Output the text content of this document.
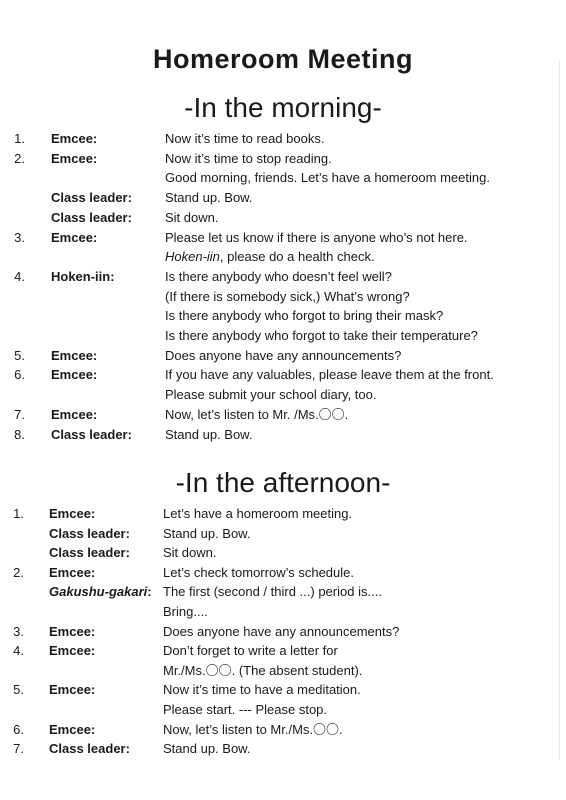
Homeroom Meeting
-In the morning-
1. Emcee:	Now it’s time to read books.
2. Emcee:	Now it’s time to stop reading.
Good morning, friends. Let’s have a homeroom meeting.
Class leader:	Stand up. Bow.
Class leader:	Sit down.
3. Emcee:	Please let us know if there is anyone who’s not here.
Hoken-iin, please do a health check.
4. Hoken-iin:	Is there anybody who doesn’t feel well?
(If there is somebody sick,) What’s wrong?
Is there anybody who forgot to bring their mask?
Is there anybody who forgot to take their temperature?
5. Emcee:	Does anyone have any announcements?
6. Emcee:	If you have any valuables, please leave them at the front.
Please submit your school diary, too.
7. Emcee:	Now, let’s listen to Mr. /Ms.〇〇.
8. Class leader:	Stand up. Bow.
-In the afternoon-
1. Emcee:	Let’s have a homeroom meeting.
Class leader:	Stand up. Bow.
Class leader:	Sit down.
2. Emcee:	Let’s check tomorrow’s schedule.
Gakushu-gakari: The first (second / third ...) period is....
Bring....
3. Emcee:	Does anyone have any announcements?
4. Emcee:	Don’t forget to write a letter for
Mr./Ms.〇〇. (The absent student).
5. Emcee:	Now it’s time to have a meditation.
Please start. --- Please stop.
6. Emcee:	Now, let’s listen to Mr./Ms.〇〇.
7. Class leader:	Stand up. Bow.
